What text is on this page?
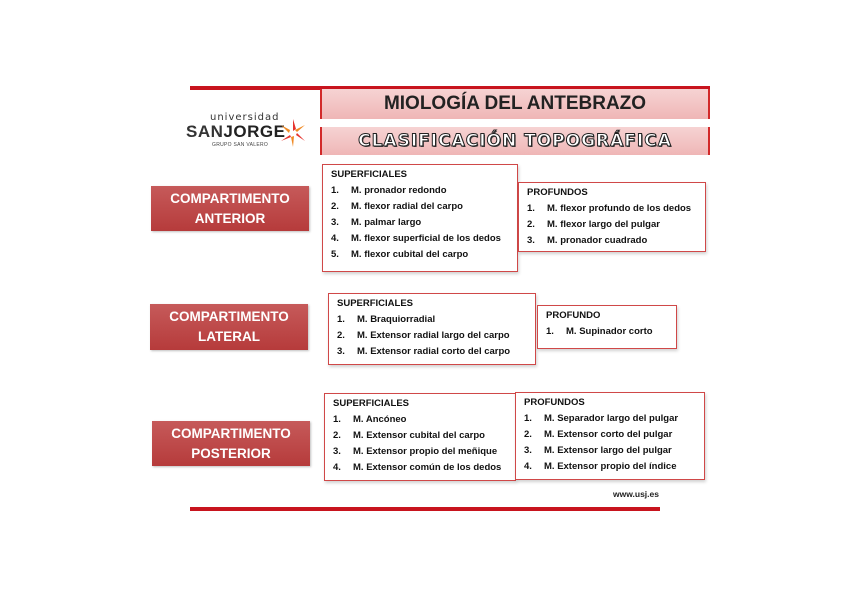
universidad
SANJORGE
GRUPO SAN VALERO
MIOLOGÍA DEL ANTEBRAZO
CLASIFICACIÓN TOPOGRÁFICA
COMPARTIMENTO
ANTERIOR
SUPERFICIALES
1.	M. pronador redondo
2.	M. flexor radial del carpo
3.	M. palmar largo
4.	M. flexor superficial de los dedos
5.	M. flexor cubital del carpo
PROFUNDOS
1.	M. flexor profundo de los dedos
2.	M. flexor largo del pulgar
3.	M. pronador cuadrado
COMPARTIMENTO
LATERAL
SUPERFICIALES
1.	M. Braquiorradial
2.	M. Extensor radial largo del carpo
3.	M. Extensor radial corto del carpo
PROFUNDO
1.	M. Supinador corto
COMPARTIMENTO
POSTERIOR
SUPERFICIALES
1.	M. Ancóneo
2.	M. Extensor cubital del carpo
3.	M. Extensor propio del meñique
4.	M. Extensor común de los dedos
PROFUNDOS
1.	M. Separador largo del pulgar
2.	M. Extensor corto del pulgar
3.	M. Extensor largo del pulgar
4.	M. Extensor propio del índice
www.usj.es
